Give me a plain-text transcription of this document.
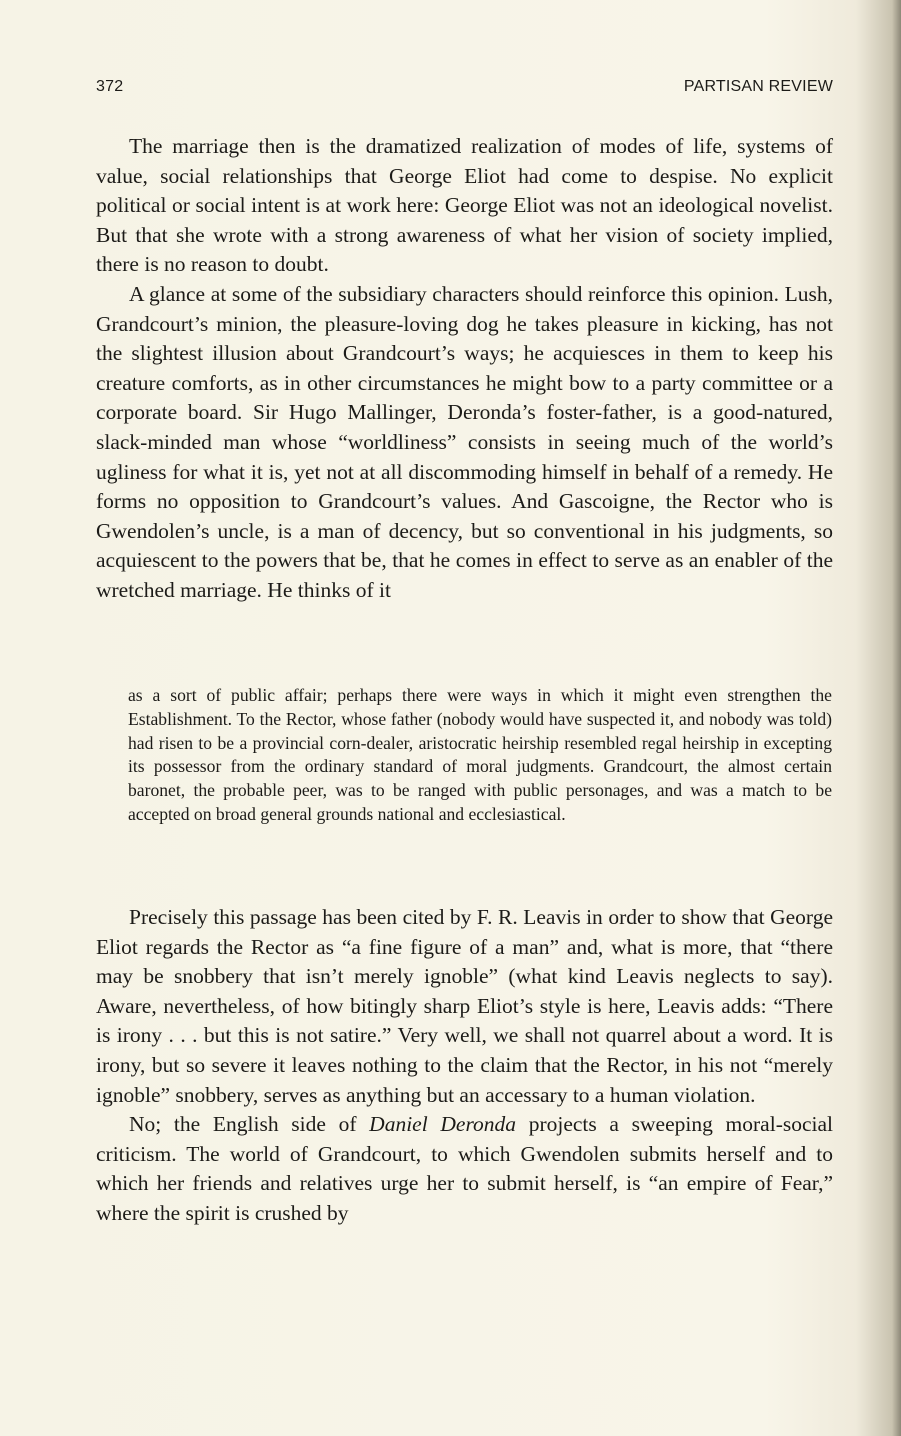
372	PARTISAN REVIEW

The marriage then is the dramatized realization of modes of life, systems of value, social relationships that George Eliot had come to despise. No explicit political or social intent is at work here: George Eliot was not an ideological novelist. But that she wrote with a strong awareness of what her vision of society implied, there is no reason to doubt.

A glance at some of the subsidiary characters should reinforce this opinion. Lush, Grandcourt’s minion, the pleasure-loving dog he takes pleasure in kicking, has not the slightest illusion about Grandcourt’s ways; he acquiesces in them to keep his creature comforts, as in other circumstances he might bow to a party committee or a corporate board. Sir Hugo Mallinger, Deronda’s foster-father, is a good-natured, slack-minded man whose “worldliness” consists in seeing much of the world’s ugliness for what it is, yet not at all discommoding himself in behalf of a remedy. He forms no opposition to Grandcourt’s values. And Gascoigne, the Rector who is Gwendolen’s uncle, is a man of decency, but so conventional in his judgments, so acquiescent to the powers that be, that he comes in effect to serve as an enabler of the wretched marriage. He thinks of it

as a sort of public affair; perhaps there were ways in which it might even strengthen the Establishment. To the Rector, whose father (nobody would have suspected it, and nobody was told) had risen to be a provincial corn-dealer, aristocratic heirship resembled regal heirship in excepting its possessor from the ordinary standard of moral judgments. Grandcourt, the almost certain baronet, the probable peer, was to be ranged with public personages, and was a match to be accepted on broad general grounds national and ecclesiastical.

Precisely this passage has been cited by F. R. Leavis in order to show that George Eliot regards the Rector as “a fine figure of a man” and, what is more, that “there may be snobbery that isn’t merely ignoble” (what kind Leavis neglects to say). Aware, nevertheless, of how bitingly sharp Eliot’s style is here, Leavis adds: “There is irony . . . but this is not satire.” Very well, we shall not quarrel about a word. It is irony, but so severe it leaves nothing to the claim that the Rector, in his not “merely ignoble” snobbery, serves as anything but an accessary to a human violation.

No; the English side of Daniel Deronda projects a sweeping moral-social criticism. The world of Grandcourt, to which Gwendolen submits herself and to which her friends and relatives urge her to submit herself, is “an empire of Fear,” where the spirit is crushed by
